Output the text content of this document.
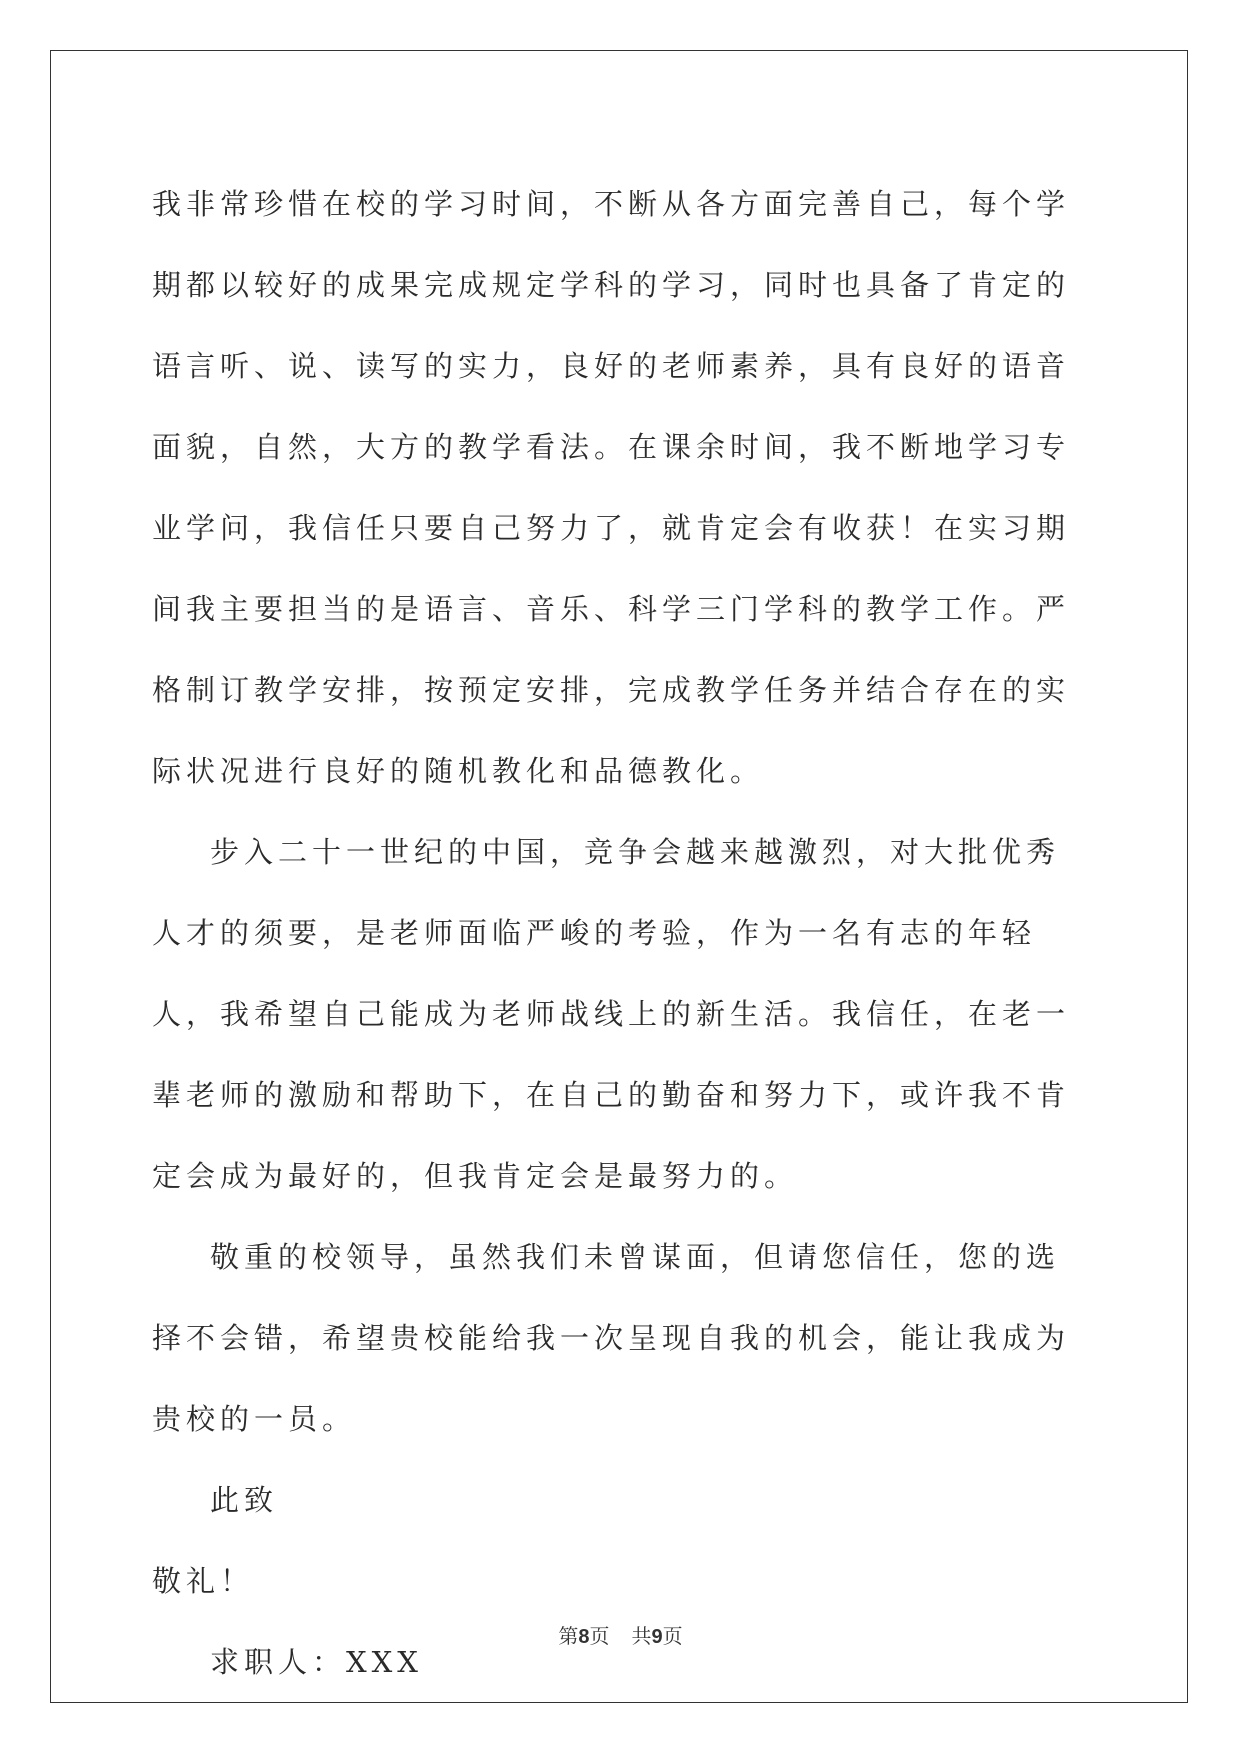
我非常珍惜在校的学习时间，不断从各方面完善自己，每个学期都以较好的成果完成规定学科的学习，同时也具备了肯定的语言听、说、读写的实力，良好的老师素养，具有良好的语音面貌，自然，大方的教学看法。在课余时间，我不断地学习专业学问，我信任只要自己努力了，就肯定会有收获！在实习期间我主要担当的是语言、音乐、科学三门学科的教学工作。严格制订教学安排，按预定安排，完成教学任务并结合存在的实际状况进行良好的随机教化和品德教化。

步入二十一世纪的中国，竞争会越来越激烈，对大批优秀人才的须要，是老师面临严峻的考验，作为一名有志的年轻人，我希望自己能成为老师战线上的新生活。我信任，在老一辈老师的激励和帮助下，在自己的勤奋和努力下，或许我不肯定会成为最好的，但我肯定会是最努力的。

敬重的校领导，虽然我们未曾谋面，但请您信任，您的选择不会错，希望贵校能给我一次呈现自我的机会，能让我成为贵校的一员。

此致

敬礼！

求职人：XXX

第8页 共9页
